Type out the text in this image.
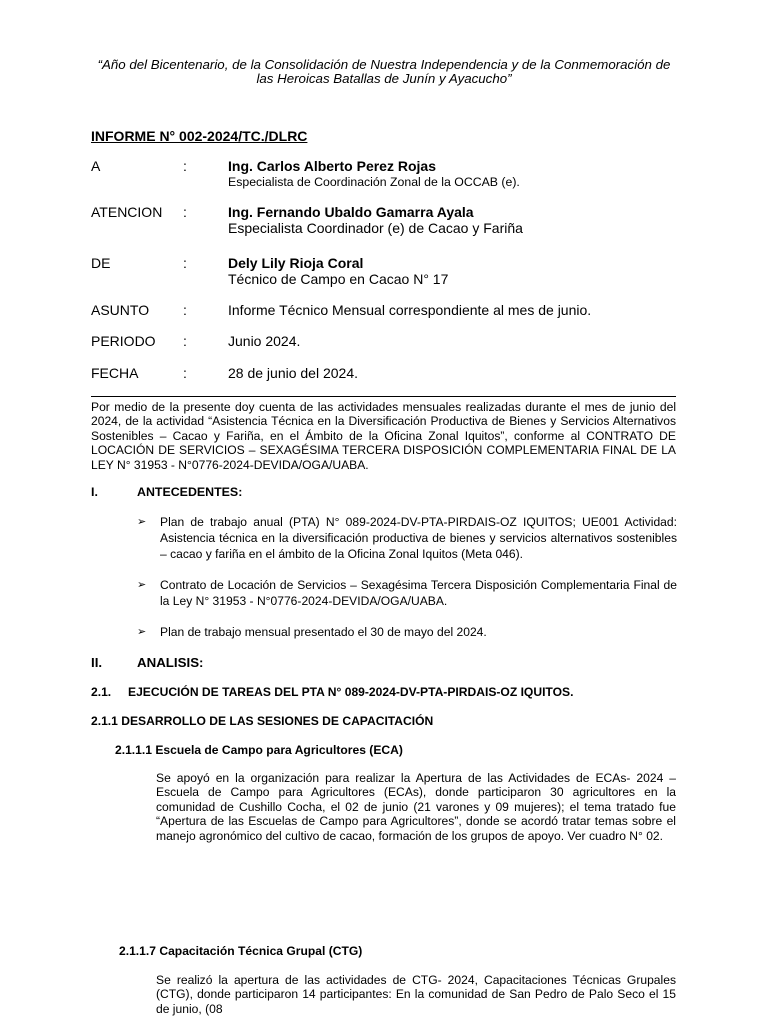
“Año del Bicentenario, de la Consolidación de Nuestra Independencia y de la Conmemoración de las Heroicas Batallas de Junín y Ayacucho”
INFORME N° 002-2024/TC./DLRC
A	:	Ing. Carlos Alberto Perez Rojas
Especialista de Coordinación Zonal de la OCCAB (e).
ATENCION	:	Ing. Fernando Ubaldo Gamarra Ayala
Especialista Coordinador (e) de Cacao y Fariña
DE	:	Dely Lily Rioja Coral
Técnico de Campo en Cacao N° 17
ASUNTO	:	Informe Técnico Mensual correspondiente al mes de junio.
PERIODO	:	Junio 2024.
FECHA	:	28 de junio del 2024.
Por medio de la presente doy cuenta de las actividades mensuales realizadas durante el mes de junio del 2024, de la actividad “Asistencia Técnica en la Diversificación Productiva de Bienes y Servicios Alternativos Sostenibles – Cacao y Fariña, en el Ámbito de la Oficina Zonal Iquitos”, conforme al CONTRATO DE LOCACIÓN DE SERVICIOS – SEXAGÉSIMA TERCERA DISPOSICIÓN COMPLEMENTARIA FINAL DE LA LEY N° 31953 - N°0776-2024-DEVIDA/OGA/UABA.
I.	ANTECEDENTES:
➢ Plan de trabajo anual (PTA) N° 089-2024-DV-PTA-PIRDAIS-OZ IQUITOS; UE001 Actividad: Asistencia técnica en la diversificación productiva de bienes y servicios alternativos sostenibles – cacao y fariña en el ámbito de la Oficina Zonal Iquitos (Meta 046).
➢ Contrato de Locación de Servicios – Sexagésima Tercera Disposición Complementaria Final de la Ley N° 31953 - N°0776-2024-DEVIDA/OGA/UABA.
➢ Plan de trabajo mensual presentado el 30 de mayo del 2024.
II.	ANALISIS:
2.1. EJECUCIÓN DE TAREAS DEL PTA N° 089-2024-DV-PTA-PIRDAIS-OZ IQUITOS.
2.1.1 DESARROLLO DE LAS SESIONES DE CAPACITACIÓN
2.1.1.1 Escuela de Campo para Agricultores (ECA)
Se apoyó en la organización para realizar la Apertura de las Actividades de ECAs- 2024 – Escuela de Campo para Agricultores (ECAs), donde participaron 30 agricultores en la comunidad de Cushillo Cocha, el 02 de junio (21 varones y 09 mujeres); el tema tratado fue “Apertura de las Escuelas de Campo para Agricultores”, donde se acordó tratar temas sobre el manejo agronómico del cultivo de cacao, formación de los grupos de apoyo. Ver cuadro N° 02.
2.1.1.7 Capacitación Técnica Grupal (CTG)
Se realizó la apertura de las actividades de CTG- 2024, Capacitaciones Técnicas Grupales (CTG), donde participaron 14 participantes: En la comunidad de San Pedro de Palo Seco el 15 de junio, (08
